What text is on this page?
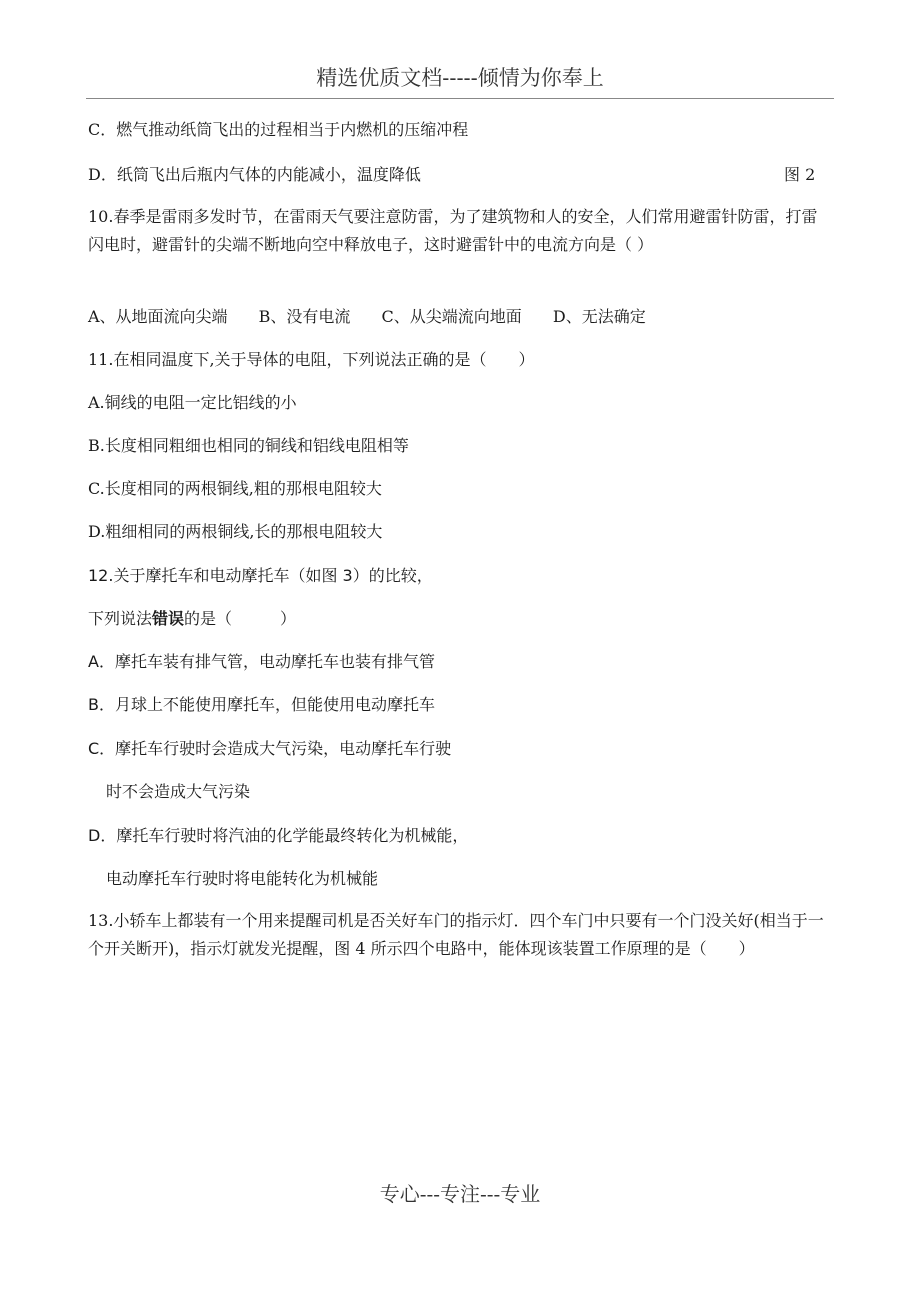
精选优质文档-----倾情为你奉上
C．燃气推动纸筒飞出的过程相当于内燃机的压缩冲程
D．纸筒飞出后瓶内气体的内能减小，温度降低	图 2
10.春季是雷雨多发时节，在雷雨天气要注意防雷，为了建筑物和人的安全，人们常用避雷针防雷，打雷闪电时，避雷针的尖端不断地向空中释放电子，这时避雷针中的电流方向是（ ）
A、从地面流向尖端 B、没有电流 C、从尖端流向地面 D、无法确定
11.在相同温度下,关于导体的电阻，下列说法正确的是（　　）
A.铜线的电阻一定比铝线的小
B.长度相同粗细也相同的铜线和铝线电阻相等
C.长度相同的两根铜线,粗的那根电阻较大
D.粗细相同的两根铜线,长的那根电阻较大
12.关于摩托车和电动摩托车（如图 3）的比较，
下列说法错误的是（　　　）
A．摩托车装有排气管，电动摩托车也装有排气管
B．月球上不能使用摩托车，但能使用电动摩托车
C．摩托车行驶时会造成大气污染，电动摩托车行驶
时不会造成大气污染
D．摩托车行驶时将汽油的化学能最终转化为机械能，
电动摩托车行驶时将电能转化为机械能
13.小轿车上都装有一个用来提醒司机是否关好车门的指示灯．四个车门中只要有一个门没关好(相当于一个开关断开)，指示灯就发光提醒，图 4 所示四个电路中，能体现该装置工作原理的是（　　）
专心---专注---专业
